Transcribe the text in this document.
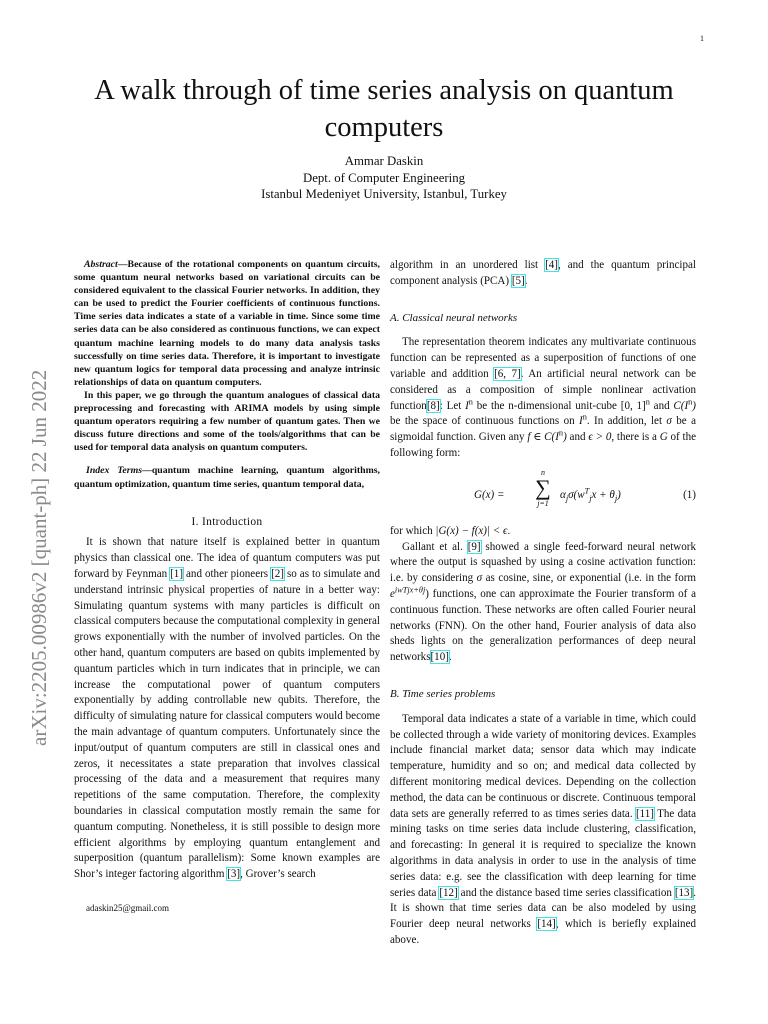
1
arXiv:2205.00986v2 [quant-ph] 22 Jun 2022
A walk through of time series analysis on quantum computers
Ammar Daskin
Dept. of Computer Engineering
Istanbul Medeniyet University, Istanbul, Turkey

Abstract—Because of the rotational components on quantum circuits, some quantum neural networks based on variational circuits can be considered equivalent to the classical Fourier networks. In addition, they can be used to predict the Fourier coefficients of continuous functions. Time series data indicates a state of a variable in time. Since some time series data can be also considered as continuous functions, we can expect quantum machine learning models to do many data analysis tasks successfully on time series data. Therefore, it is important to investigate new quantum logics for temporal data processing and analyze intrinsic relationships of data on quantum computers.

In this paper, we go through the quantum analogues of classical data preprocessing and forecasting with ARIMA models by using simple quantum operators requiring a few number of quantum gates. Then we discuss future directions and some of the tools/algorithms that can be used for temporal data analysis on quantum computers.

Index Terms—quantum machine learning, quantum algorithms, quantum optimization, quantum time series, quantum temporal data,

I. Introduction

It is shown that nature itself is explained better in quantum physics than classical one. The idea of quantum computers was put forward by Feynman [1] and other pioneers [2] so as to simulate and understand intrinsic physical properties of nature in a better way: Simulating quantum systems with many particles is difficult on classical computers because the computational complexity in general grows exponentially with the number of involved particles. On the other hand, quantum computers are based on qubits implemented by quantum particles which in turn indicates that in principle, we can increase the computational power of quantum computers exponentially by adding controllable new qubits. Therefore, the difficulty of simulating nature for classical computers would become the main advantage of quantum computers. Unfortunately since the input/output of quantum computers are still in classical ones and zeros, it necessitates a state preparation that involves classical processing of the data and a measurement that requires many repetitions of the same computation. Therefore, the complexity boundaries in classical computation mostly remain the same for quantum computing. Nonetheless, it is still possible to design more efficient algorithms by employing quantum entanglement and superposition (quantum parallelism): Some known examples are Shor’s integer factoring algorithm [3], Grover’s search

adaskin25@gmail.com

algorithm in an unordered list [4], and the quantum principal component analysis (PCA) [5].

A. Classical neural networks

The representation theorem indicates any multivariate continuous function can be represented as a superposition of functions of one variable and addition [6, 7]. An artificial neural network can be considered as a composition of simple nonlinear activation function[8]: Let $I^n$ be the n-dimensional unit-cube [0, 1]$^n$ and $C(I^n)$ be the space of continuous functions on $I^n$. In addition, let σ be a sigmoidal function. Given any f ∈ $C(I^n)$ and ϵ > 0, there is a G of the following form:

G(x) =
n
∑
j=1
$\alpha_j\sigma(w^T_jx + \theta_j)$	(1)

for which |G(x) − f(x)| < ϵ.

Gallant et al. [9] showed a single feed-forward neural network where the output is squashed by using a cosine activation function: i.e. by considering σ as cosine, sine, or exponential (i.e. in the form $e^{iwTjx+\theta j}$) functions, one can approximate the Fourier transform of a continuous function. These networks are often called Fourier neural networks (FNN). On the other hand, Fourier analysis of data also sheds lights on the generalization performances of deep neural networks[10].

B. Time series problems

Temporal data indicates a state of a variable in time, which could be collected through a wide variety of monitoring devices. Examples include financial market data; sensor data which may indicate temperature, humidity and so on; and medical data collected by different monitoring medical devices. Depending on the collection method, the data can be continuous or discrete. Continuous temporal data sets are generally referred to as times series data. [11] The data mining tasks on time series data include clustering, classification, and forecasting: In general it is required to specialize the known algorithms in data analysis in order to use in the analysis of time series data: e.g. see the classification with deep learning for time series data [12] and the distance based time series classification [13]. It is shown that time series data can be also modeled by using Fourier deep neural networks [14], which is beriefly explained above.
